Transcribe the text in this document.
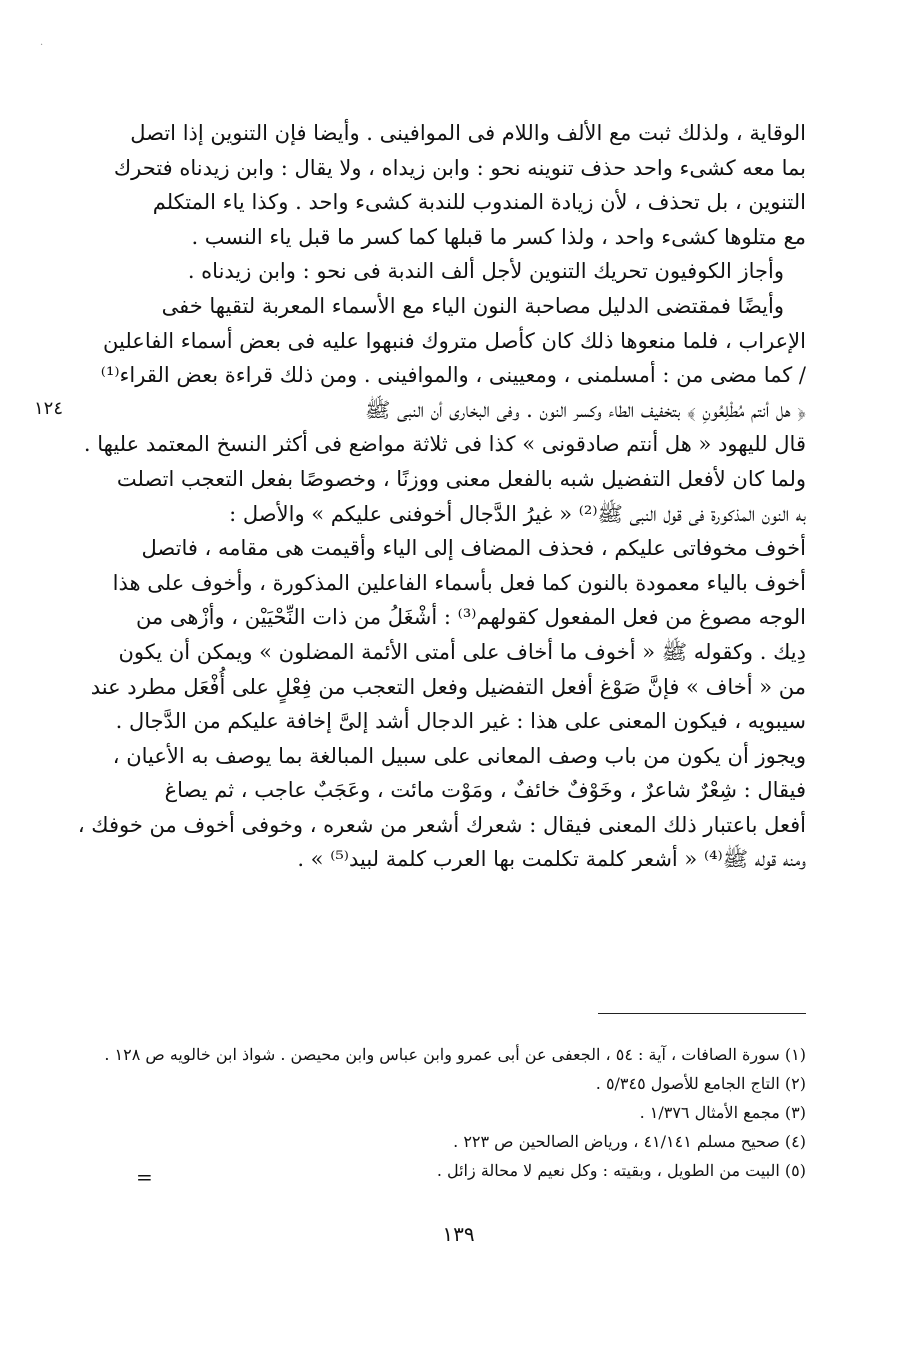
·
١٢٤
الوقاية ، ولذلك ثبت مع الألف واللام فى الموافينى . وأيضا فإن التنوين إذا اتصل
بما معه كشىء واحد حذف تنوينه نحو : وابن زيداه ، ولا يقال : وابن زيدناه فتحرك
التنوين ، بل تحذف ، لأن زيادة المندوب للندبة كشىء واحد . وكذا ياء المتكلم
مع متلوها كشىء واحد ، ولذا كسر ما قبلها كما كسر ما قبل ياء النسب .
وأجاز الكوفيون تحريك التنوين لأجل ألف الندبة فى نحو : وابن زيدناه .
وأيضًا فمقتضى الدليل مصاحبة النون الياء مع الأسماء المعربة لتقيها خفى
الإعراب ، فلما منعوها ذلك كان كأصل متروك فنبهوا عليه فى بعض أسماء الفاعلين
/ كما مضى من : أمسلمنى ، ومعيينى ، والموافينى . ومن ذلك قراءة بعض القراء⁽¹⁾
﴿ هل أنتم مُطْلِعُونِ ﴾ بتخفيف الطاء وكسر النون . وفى البخارى أن النبى ﷺ
قال لليهود « هل أنتم صادقونى » كذا فى ثلاثة مواضع فى أكثر النسخ المعتمد عليها .
ولما كان لأفعل التفضيل شبه بالفعل معنى ووزنًا ، وخصوصًا بفعل التعجب اتصلت
به النون المذكورة فى قول النبى ﷺ⁽²⁾ « غيرُ الدَّجال أخوفنى عليكم » والأصل :
أخوف مخوفاتى عليكم ، فحذف المضاف إلى الياء وأقيمت هى مقامه ، فاتصل
أخوف بالياء معمودة بالنون كما فعل بأسماء الفاعلين المذكورة ، وأخوف على هذا
الوجه مصوغ من فعل المفعول كقولهم⁽³⁾ : أشْغَلُ من ذات النِّحْيَيْن ، وأزْهى من
دِيك . وكقوله ﷺ « أخوف ما أخاف على أمتى الأئمة المضلون » ويمكن أن يكون
من « أخاف » فإنَّ صَوْغ أفعل التفضيل وفعل التعجب من فِعْلٍ على أُفْعَل مطرد عند
سيبويه ، فيكون المعنى على هذا : غير الدجال أشد إلىَّ إخافة عليكم من الدَّجال .
ويجوز أن يكون من باب وصف المعانى على سبيل المبالغة بما يوصف به الأعيان ،
فيقال : شِعْرٌ شاعرٌ ، وخَوْفٌ خائفٌ ، ومَوْت مائت ، وعَجَبٌ عاجب ، ثم يصاغ
أفعل باعتبار ذلك المعنى فيقال : شعرك أشعر من شعره ، وخوفى أخوف من خوفك ،
ومنه قوله ﷺ⁽⁴⁾ « أشعر كلمة تكلمت بها العرب كلمة لبيد⁽⁵⁾ » .
(١) سورة الصافات ، آية : ٥٤ ، الجعفى عن أبى عمرو وابن عباس وابن محيصن . شواذ ابن خالويه ص ١٢٨ .
(٢) التاج الجامع للأصول ٥/٣٤٥ .
(٣) مجمع الأمثال ١/٣٧٦ .
(٤) صحيح مسلم ٤١/١٤١ ، ورياض الصالحين ص ٢٢٣ .
(٥) البيت من الطويل ، وبقيته : وكل نعيم لا محالة زائل .
=
١٣٩
